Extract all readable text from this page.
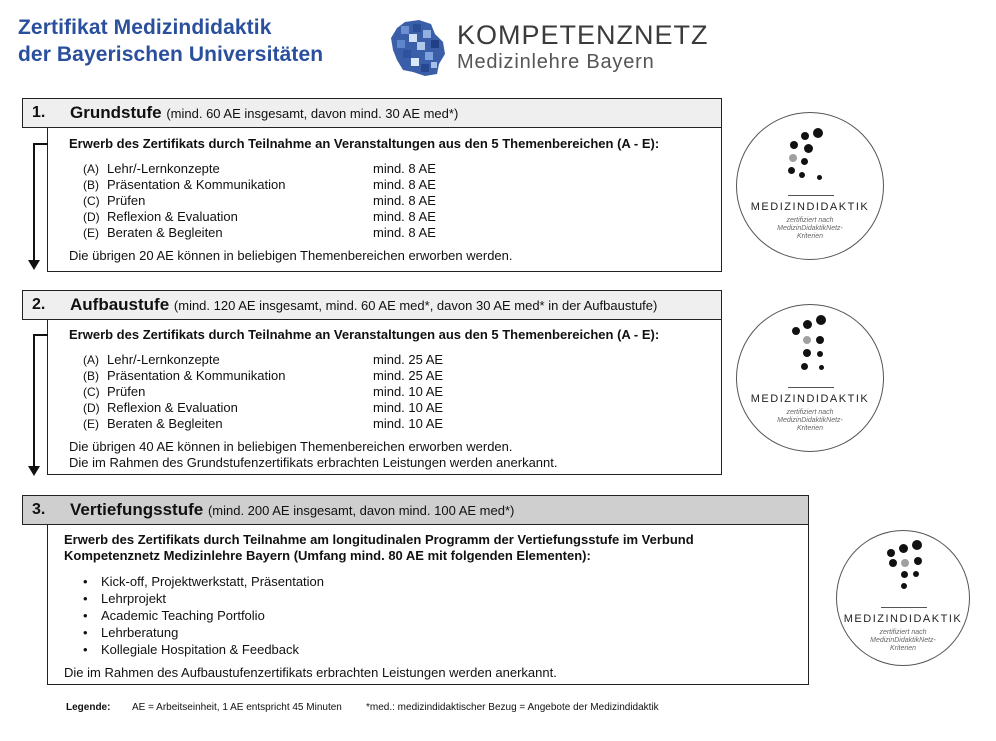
Zertifikat Medizindidaktik
der Bayerischen Universitäten
KOMPETENZNETZ
Medizinlehre Bayern
1. Grundstufe (mind. 60 AE insgesamt, davon mind. 30 AE med*)
Erwerb des Zertifikats durch Teilnahme an Veranstaltungen aus den 5 Themenbereichen (A - E):
(A) Lehr/-Lernkonzepte	mind. 8 AE
(B) Präsentation & Kommunikation	mind. 8 AE
(C) Prüfen	mind. 8 AE
(D) Reflexion & Evaluation	mind. 8 AE
(E) Beraten & Begleiten	mind. 8 AE
Die übrigen 20 AE können in beliebigen Themenbereichen erworben werden.
2. Aufbaustufe (mind. 120 AE insgesamt, mind. 60 AE med*, davon 30 AE med* in der Aufbaustufe)
Erwerb des Zertifikats durch Teilnahme an Veranstaltungen aus den 5 Themenbereichen (A - E):
(A) Lehr/-Lernkonzepte	mind. 25 AE
(B) Präsentation & Kommunikation	mind. 25 AE
(C) Prüfen	mind. 10 AE
(D) Reflexion & Evaluation	mind. 10 AE
(E) Beraten & Begleiten	mind. 10 AE
Die übrigen 40 AE können in beliebigen Themenbereichen erworben werden.
Die im Rahmen des Grundstufenzertifikats erbrachten Leistungen werden anerkannt.
3. Vertiefungsstufe (mind. 200 AE insgesamt, davon mind. 100 AE med*)
Erwerb des Zertifikats durch Teilnahme am longitudinalen Programm der Vertiefungsstufe im Verbund
Kompetenznetz Medizinlehre Bayern (Umfang mind. 80 AE mit folgenden Elementen):
• Kick-off, Projektwerkstatt, Präsentation
• Lehrprojekt
• Academic Teaching Portfolio
• Lehrberatung
• Kollegiale Hospitation & Feedback
Die im Rahmen des Aufbaustufenzertifikats erbrachten Leistungen werden anerkannt.
MEDIZINDIDAKTIK
zertifiziert nach
MedizinDidaktikNetz-
Kriterien
MEDIZINDIDAKTIK
zertifiziert nach
MedizinDidaktikNetz-
Kriterien
MEDIZINDIDAKTIK
zertifiziert nach
MedizinDidaktikNetz-
Kriterien
Legende: AE = Arbeitseinheit, 1 AE entspricht 45 Minuten *med.: medizindidaktischer Bezug = Angebote der Medizindidaktik
